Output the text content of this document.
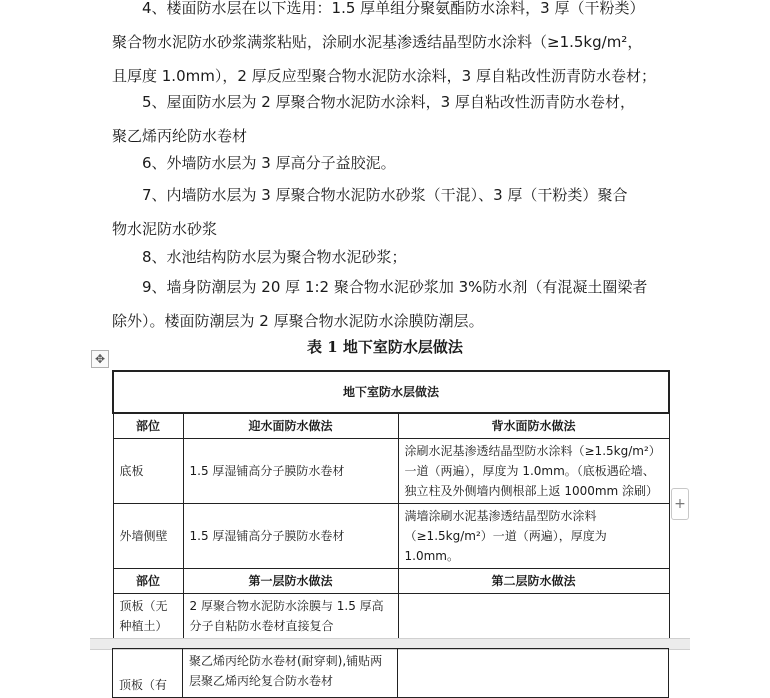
4、楼面防水层在以下选用：1.5 厚单组分聚氨酯防水涂料，3 厚（干粉类）

聚合物水泥防水砂浆满浆粘贴，涂刷水泥基渗透结晶型防水涂料（≥1.5kg/m²，

且厚度 1.0mm），2 厚反应型聚合物水泥防水涂料，3 厚自粘改性沥青防水卷材；

5、屋面防水层为 2 厚聚合物水泥防水涂料，3 厚自粘改性沥青防水卷材，

聚乙烯丙纶防水卷材

6、外墙防水层为 3 厚高分子益胶泥。

7、内墙防水层为 3 厚聚合物水泥防水砂浆（干混）、3 厚（干粉类）聚合

物水泥防水砂浆

8、水池结构防水层为聚合物水泥砂浆；

9、墙身防潮层为 20 厚 1:2 聚合物水泥砂浆加 3%防水剂（有混凝土圈梁者

除外）。楼面防潮层为 2 厚聚合物水泥防水涂膜防潮层。

表 1 地下室防水层做法
✥
地下室防水层做法		
部位	迎水面防水做法	背水面防水做法
底板	1.5 厚湿铺高分子膜防水卷材	涂刷水泥基渗透结晶型防水涂料（≥1.5kg/m²）一道（两遍），厚度为 1.0mm。（底板遇砼墙、独立柱及外侧墙内侧根部上返 1000mm 涂刷）
外墙侧壁	1.5 厚湿铺高分子膜防水卷材	满墙涂刷水泥基渗透结晶型防水涂料（≥1.5kg/m²）一道（两遍），厚度为 1.0mm。
部位	第一层防水做法	第二层防水做法
顶板（无种植土）	2 厚聚合物水泥防水涂膜与 1.5 厚高分子自粘防水卷材直接复合	
+
顶板（有	聚乙烯丙纶防水卷材(耐穿刺),铺贴两层聚乙烯丙纶复合防水卷材	
